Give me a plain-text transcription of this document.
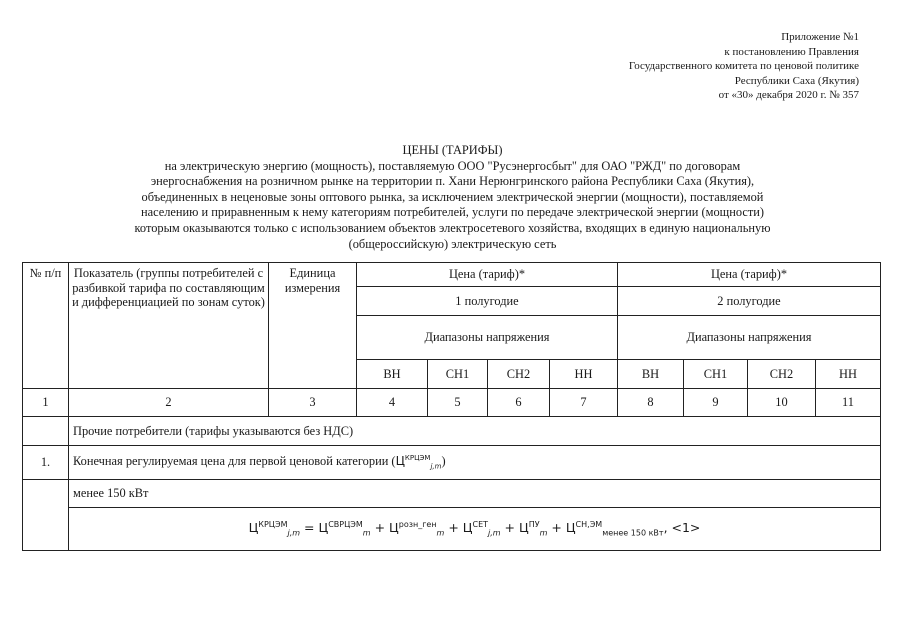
Приложение №1
к постановлению Правления
Государственного комитета по ценовой политике
Республики Саха (Якутия)
от «30» декабря 2020 г. № 357
ЦЕНЫ (ТАРИФЫ)
на электрическую энергию (мощность), поставляемую ООО "Русэнергосбыт" для ОАО "РЖД" по договорам
энергоснабжения на розничном рынке на территории п. Хани Нерюнгринского района Республики Саха (Якутия),
объединенных в неценовые зоны оптового рынка, за исключением электрической энергии (мощности), поставляемой
населению и приравненным к нему категориям потребителей, услуги по передаче электрической энергии (мощности)
которым оказываются только с использованием объектов электросетевого хозяйства, входящих в единую национальную
(общероссийскую) электрическую сеть
№ п/п	Показатель (группы потребителей с разбивкой тарифа по составляющим и дифференциацией по зонам суток)	Единица измерения	Цена (тариф)*				Цена (тариф)*			
			1 полугодие				2 полугодие			
			Диапазоны напряжения				Диапазоны напряжения			
			ВН	СН1	СН2	НН	ВН	СН1	СН2	НН
1	2	3	4	5	6	7	8	9	10	11
	Прочие потребители (тарифы указываются без НДС)									
1.	Конечная регулируемая цена для первой ценовой категории $(Ц^{КРЦЭМ}_{j,m})$									
	менее 150 кВт									
	$Ц^{КРЦЭМ}_{j,m} = Ц^{СВРЦЭМ}_m + Ц^{розн\_ген}_m + Ц^{СЕТ}_{j,m} + Ц^{ПУ}_m + Ц^{СН,ЭМ}_{менее 150 кВт}$, <1>									
